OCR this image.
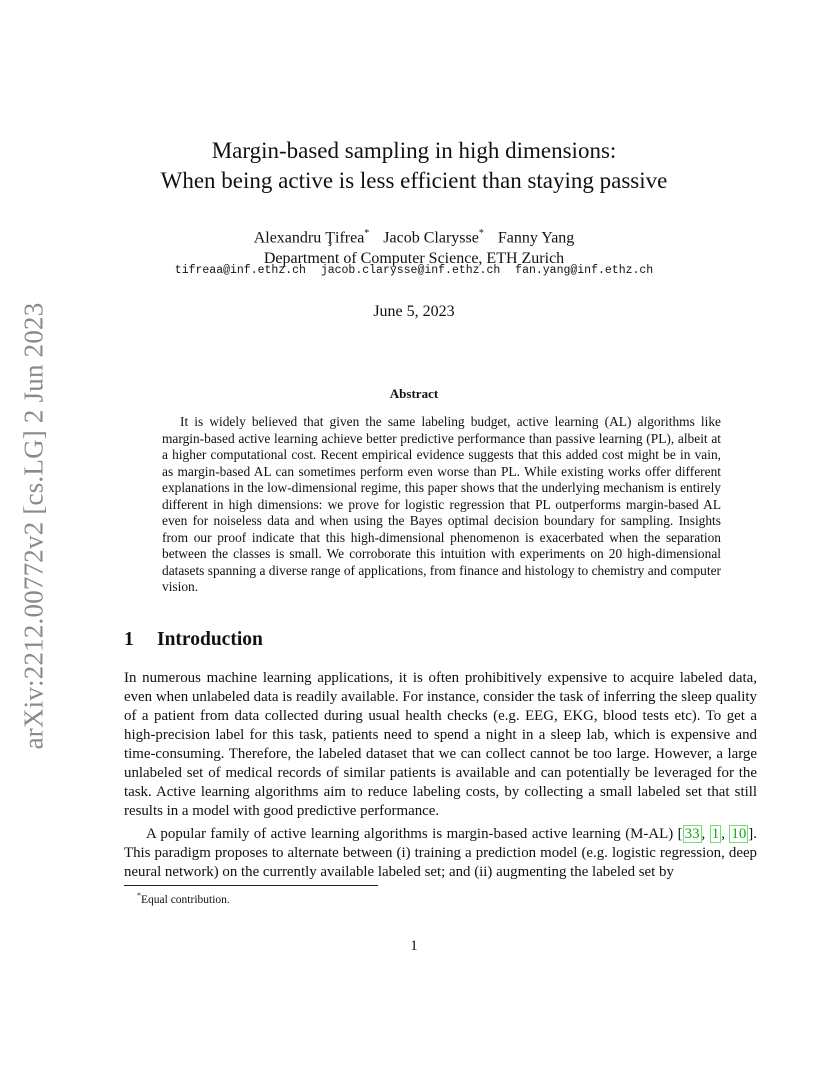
arXiv:2212.00772v2 [cs.LG] 2 Jun 2023
Margin-based sampling in high dimensions:
When being active is less efficient than staying passive
Alexandru Ţifrea* Jacob Clarysse* Fanny Yang
Department of Computer Science, ETH Zurich
tifreaa@inf.ethz.ch jacob.clarysse@inf.ethz.ch fan.yang@inf.ethz.ch
June 5, 2023
Abstract

It is widely believed that given the same labeling budget, active learning (AL) algorithms like margin-based active learning achieve better predictive performance than passive learning (PL), albeit at a higher computational cost. Recent empirical evidence suggests that this added cost might be in vain, as margin-based AL can sometimes perform even worse than PL. While existing works offer different explanations in the low-dimensional regime, this paper shows that the underlying mechanism is entirely different in high dimensions: we prove for logistic regression that PL outperforms margin-based AL even for noiseless data and when using the Bayes optimal decision boundary for sampling. Insights from our proof indicate that this high-dimensional phenomenon is exacerbated when the separation between the classes is small. We corroborate this intuition with experiments on 20 high-dimensional datasets spanning a diverse range of applications, from finance and histology to chemistry and computer vision.

1 Introduction

In numerous machine learning applications, it is often prohibitively expensive to acquire labeled data, even when unlabeled data is readily available. For instance, consider the task of inferring the sleep quality of a patient from data collected during usual health checks (e.g. EEG, EKG, blood tests etc). To get a high-precision label for this task, patients need to spend a night in a sleep lab, which is expensive and time-consuming. Therefore, the labeled dataset that we can collect cannot be too large. However, a large unlabeled set of medical records of similar patients is available and can potentially be leveraged for the task. Active learning algorithms aim to reduce labeling costs, by collecting a small labeled set that still results in a model with good predictive performance.

A popular family of active learning algorithms is margin-based active learning (M-AL) [ 33 , 1 , 10 ]. This paradigm proposes to alternate between (i) training a prediction model (e.g. logistic regression, deep neural network) on the currently available labeled set; and (ii) augmenting the labeled set by

*Equal contribution.
1
